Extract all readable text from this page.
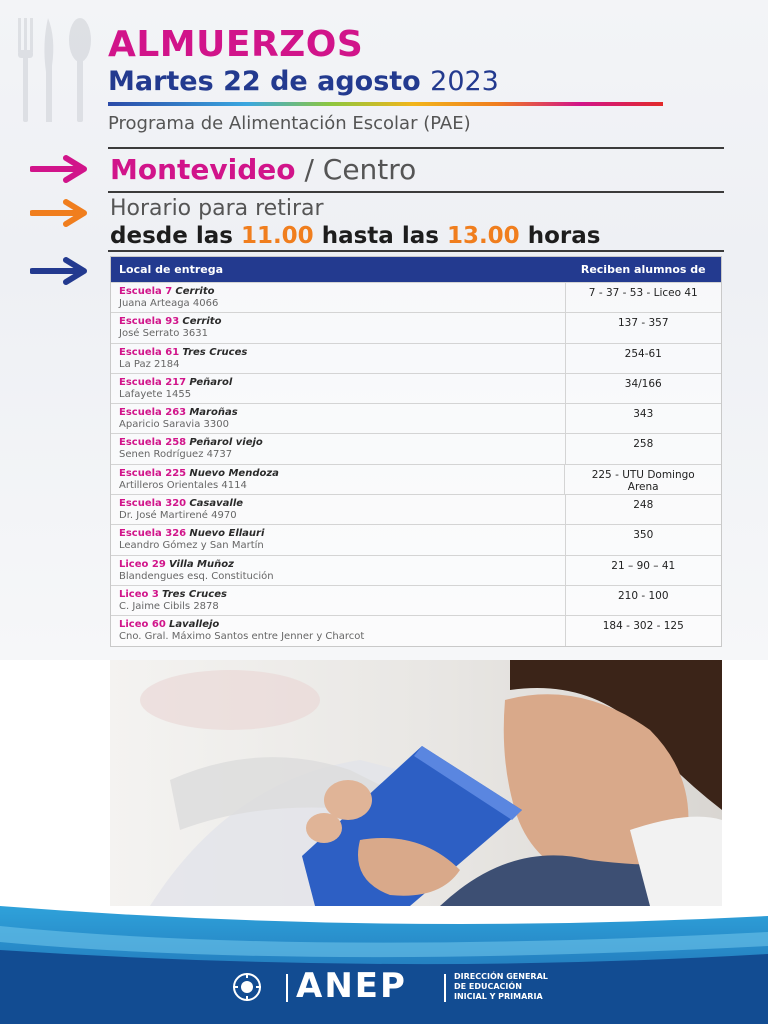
ALMUERZOS
Martes 22 de agosto 2023
Programa de Alimentación Escolar (PAE)
Montevideo / Centro
Horario para retirar
desde las 11.00 hasta las 13.00 horas
Local de entrega	Reciben alumnos de
Escuela 7 Cerrito
Juana Arteaga 4066
7 - 37 - 53 - Liceo 41
Escuela 93 Cerrito
José Serrato 3631
137 - 357
Escuela 61 Tres Cruces
La Paz 2184
254-61
Escuela 217 Peñarol
Lafayete 1455
34/166
Escuela 263 Maroñas
Aparicio Saravia 3300
343
Escuela 258 Peñarol viejo
Senen Rodríguez 4737
258
Escuela 225 Nuevo Mendoza
Artilleros Orientales 4114
225 - UTU Domingo Arena
Escuela 320 Casavalle
Dr. José Martirené 4970
248
Escuela 326 Nuevo Ellauri
Leandro Gómez y San Martín
350
Liceo 29 Villa Muñoz
Blandengues esq. Constitución
21 – 90 – 41
Liceo 3 Tres Cruces
C. Jaime Cibils 2878
210 - 100
Liceo 60 Lavallejo
Cno. Gral. Máximo Santos entre Jenner y Charcot
184 - 302 - 125
ANEP	DIRECCIÓN GENERAL
DE EDUCACIÓN
INICIAL Y PRIMARIA
